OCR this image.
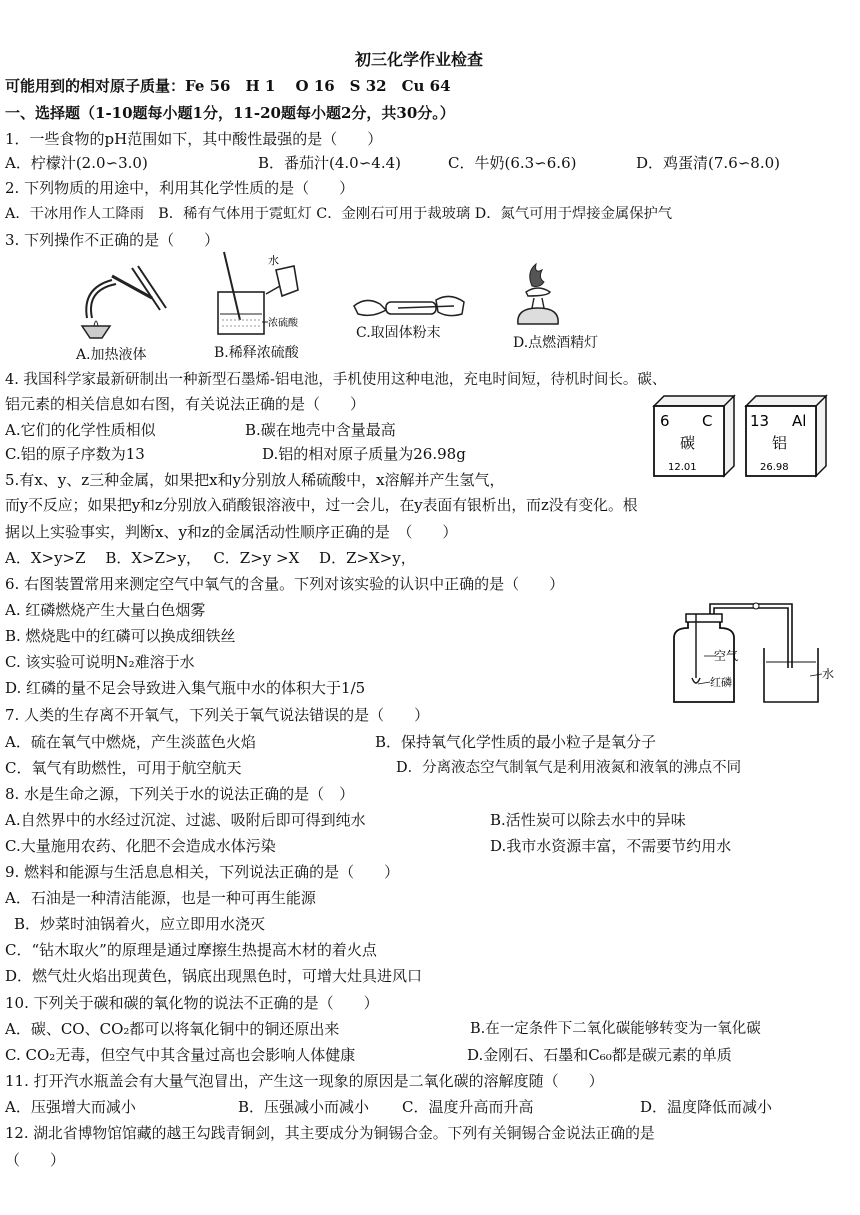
初三化学作业检查
可能用到的相对原子质量：Fe 56　H 1　 O 16　S 32　Cu 64
一、选择题（1-10题每小题1分，11-20题每小题2分，共30分。）
1．一些食物的pH范围如下，其中酸性最强的是（　　）
A．柠檬汁(2.0∽3.0)	B．番茄汁(4.0∽4.4)	C．牛奶(6.3∽6.6)	D．鸡蛋清(7.6∽8.0)
2. 下列物质的用途中，利用其化学性质的是（　　）
A．干冰用作人工降雨　B．稀有气体用于霓虹灯 C．金刚石可用于裁玻璃 D．氮气可用于焊接金属保护气
3. 下列操作不正确的是（　　）
A.加热液体
水
浓硫酸
B.稀释浓硫酸
C.取固体粉末
D.点燃酒精灯
4. 我国科学家最新研制出一种新型石墨烯-铝电池，手机使用这种电池，充电时间短，待机时间长。碳、
铝元素的相关信息如右图，有关说法正确的是（　　）
A.它们的化学性质相似	B.碳在地壳中含量最高
C.铝的原子序数为13	D.铝的相对原子质量为26.98g
6 C
碳
12.01
13 Al
铝
26.98
5.有x、y、z三种金属，如果把x和y分别放人稀硫酸中，x溶解并产生氢气，
而y不反应；如果把y和z分别放入硝酸银溶液中，过一会儿，在y表面有银析出，而z没有变化。根
据以上实验事实，判断x、y和z的金属活动性顺序正确的是　（　　）
A．X>y>Z　 B．X>Z>y，　 C．Z>y >X　 D．Z>X>y，
6. 右图装置常用来测定空气中氧气的含量。下列对该实验的认识中正确的是（　　）
A. 红磷燃烧产生大量白色烟雾
B. 燃烧匙中的红磷可以换成细铁丝
C. 该实验可说明N₂难溶于水
D. 红磷的量不足会导致进入集气瓶中水的体积大于1/5
空气
红磷
水
7. 人类的生存离不开氧气，下列关于氧气说法错误的是（　　）
A．硫在氧气中燃烧，产生淡蓝色火焰	B．保持氧气化学性质的最小粒子是氧分子
C．氧气有助燃性，可用于航空航天	D．分离液态空气制氧气是利用液氮和液氧的沸点不同
8. 水是生命之源，下列关于水的说法正确的是（　）
A.自然界中的水经过沉淀、过滤、吸附后即可得到纯水	B.活性炭可以除去水中的异味
C.大量施用农药、化肥不会造成水体污染	D.我市水资源丰富，不需要节约用水
9. 燃料和能源与生活息息相关，下列说法正确的是（　　）
A．石油是一种清洁能源，也是一种可再生能源
B．炒菜时油锅着火，应立即用水浇灭
C．“钻木取火”的原理是通过摩擦生热提高木材的着火点
D．燃气灶火焰出现黄色，锅底出现黑色时，可增大灶具进风口
10. 下列关于碳和碳的氧化物的说法不正确的是（　　）
A．碳、CO、CO₂都可以将氧化铜中的铜还原出来	B.在一定条件下二氧化碳能够转变为一氧化碳
C. CO₂无毒，但空气中其含量过高也会影响人体健康	D.金刚石、石墨和C₆₀都是碳元素的单质
11. 打开汽水瓶盖会有大量气泡冒出，产生这一现象的原因是二氧化碳的溶解度随（　　）
A．压强增大而减小	B．压强减小而减小 C．温度升高而升高	D．温度降低而减小
12. 湖北省博物馆馆藏的越王勾践青铜剑，其主要成分为铜锡合金。下列有关铜锡合金说法正确的是
（　　）
